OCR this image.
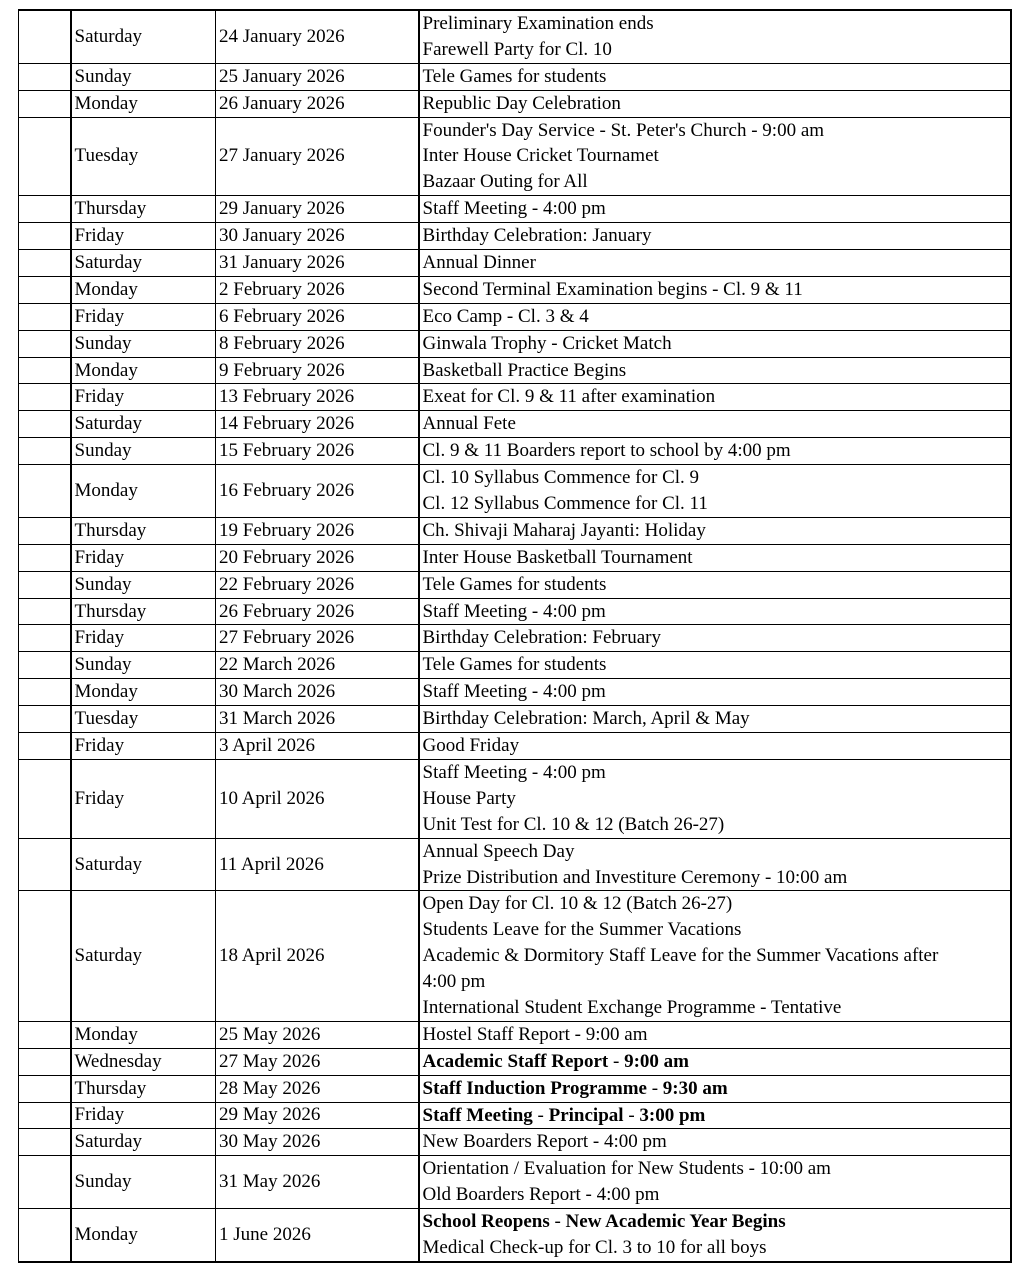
	Saturday	24 January 2026	Preliminary Examination ends
Farewell Party for Cl. 10

	Sunday	25 January 2026	Tele Games for students

	Monday	26 January 2026	Republic Day Celebration

	Tuesday	27 January 2026	Founder's Day Service - St. Peter's Church - 9:00 am
Inter House Cricket Tournamet
Bazaar Outing for All

	Thursday	29 January 2026	Staff Meeting - 4:00 pm

	Friday	30 January 2026	Birthday Celebration: January

	Saturday	31 January 2026	Annual Dinner

	Monday	2 February 2026	Second Terminal Examination begins - Cl. 9 & 11

	Friday	6 February 2026	Eco Camp - Cl. 3 & 4

	Sunday	8 February 2026	Ginwala Trophy - Cricket Match

	Monday	9 February 2026	Basketball Practice Begins

	Friday	13 February 2026	Exeat for Cl. 9 & 11 after examination

	Saturday	14 February 2026	Annual Fete

	Sunday	15 February 2026	Cl. 9 & 11 Boarders report to school by 4:00 pm

	Monday	16 February 2026	Cl. 10 Syllabus Commence for Cl. 9
Cl. 12 Syllabus Commence for Cl. 11

	Thursday	19 February 2026	Ch. Shivaji Maharaj Jayanti: Holiday

	Friday	20 February 2026	Inter House Basketball Tournament

	Sunday	22 February 2026	Tele Games for students

	Thursday	26 February 2026	Staff Meeting - 4:00 pm

	Friday	27 February 2026	Birthday Celebration: February

	Sunday	22 March 2026	Tele Games for students

	Monday	30 March 2026	Staff Meeting - 4:00 pm

	Tuesday	31 March 2026	Birthday Celebration: March, April & May

	Friday	3 April 2026	Good Friday

	Friday	10 April 2026	Staff Meeting - 4:00 pm
House Party
Unit Test for Cl. 10 & 12 (Batch 26-27)

	Saturday	11 April 2026	Annual Speech Day
Prize Distribution and Investiture Ceremony - 10:00 am

	Saturday	18 April 2026	Open Day for Cl. 10 & 12 (Batch 26-27)
Students Leave for the Summer Vacations
Academic & Dormitory Staff Leave for the Summer Vacations after
4:00 pm
International Student Exchange Programme - Tentative

	Monday	25 May 2026	Hostel Staff Report - 9:00 am

	Wednesday	27 May 2026	Academic Staff Report - 9:00 am

	Thursday	28 May 2026	Staff Induction Programme - 9:30 am

	Friday	29 May 2026	Staff Meeting - Principal - 3:00 pm

	Saturday	30 May 2026	New Boarders Report - 4:00 pm

	Sunday	31 May 2026	Orientation / Evaluation for New Students - 10:00 am
Old Boarders Report - 4:00 pm

	Monday	1 June 2026	School Reopens - New Academic Year Begins
Medical Check-up for Cl. 3 to 10 for all boys
